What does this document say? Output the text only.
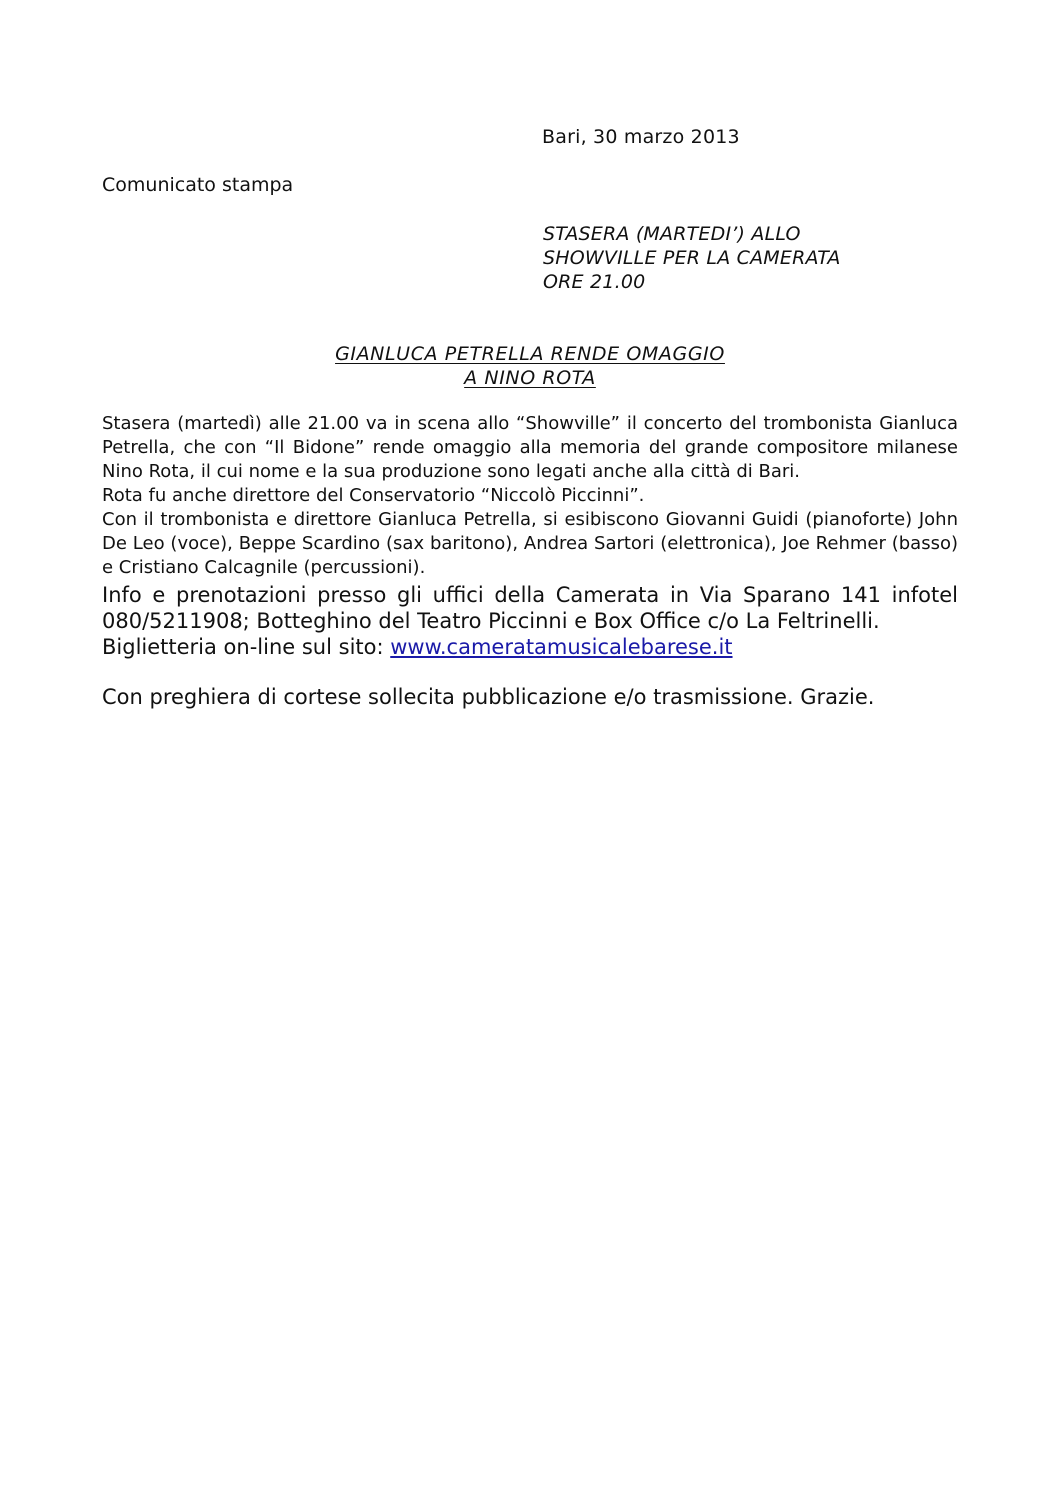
Bari, 30 marzo 2013
Comunicato stampa
STASERA (MARTEDI’) ALLO
SHOWVILLE PER LA CAMERATA
ORE 21.00
GIANLUCA PETRELLA RENDE OMAGGIO
A NINO ROTA

Stasera (martedì) alle 21.00 va in scena allo “Showville” il concerto del trombonista Gianluca Petrella, che con “Il Bidone” rende omaggio alla memoria del grande compositore milanese Nino Rota, il cui nome e la sua produzione sono legati anche alla città di Bari.

Rota fu anche direttore del Conservatorio “Niccolò Piccinni”.

Con il trombonista e direttore Gianluca Petrella, si esibiscono Giovanni Guidi (pianoforte) John De Leo (voce), Beppe Scardino (sax baritono), Andrea Sartori (elettronica), Joe Rehmer (basso) e Cristiano Calcagnile (percussioni).

Info e prenotazioni presso gli uffici della Camerata in Via Sparano 141 infotel 080/5211908; Botteghino del Teatro Piccinni e Box Office c/o La Feltrinelli.

Biglietteria on-line sul sito: www.cameratamusicalebarese.it

Con preghiera di cortese sollecita pubblicazione e/o trasmissione. Grazie.
